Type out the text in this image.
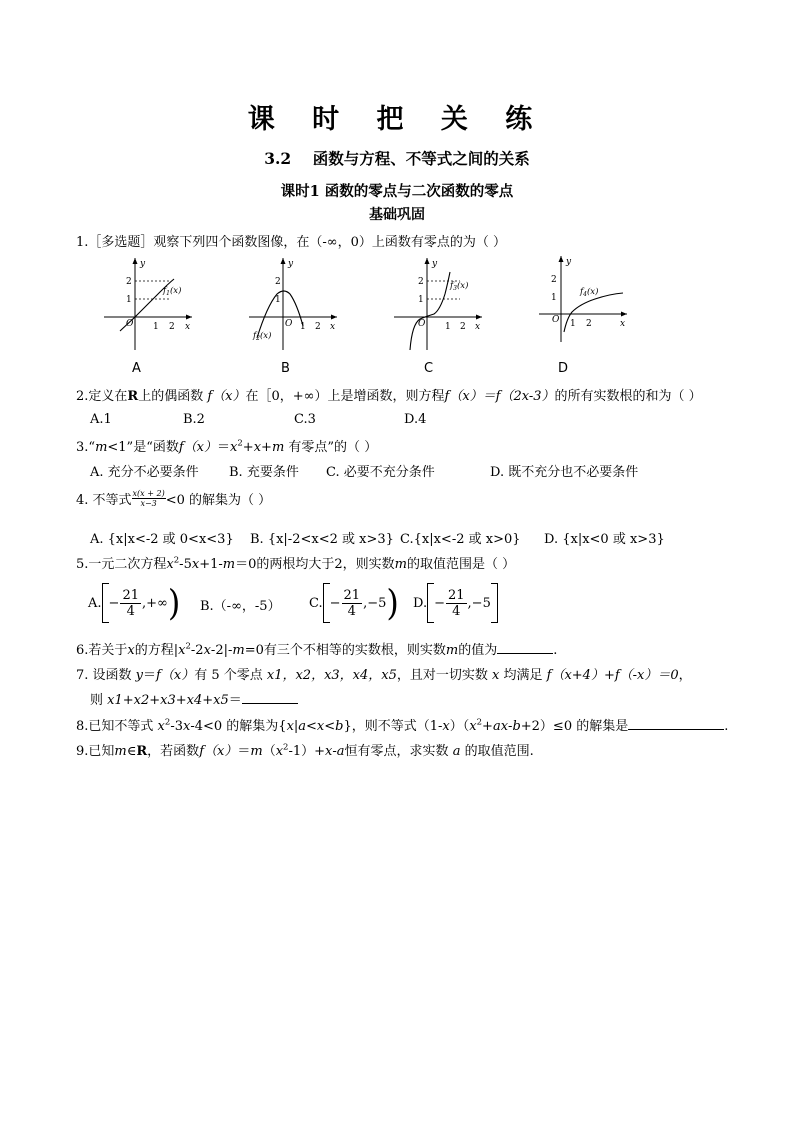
课 时 把 关 练
3.2 函数与方程、不等式之间的关系
课时1 函数的零点与二次函数的零点
基础巩固
1.［多选题］观察下列四个函数图像，在（-∞，0）上函数有零点的为（ ）
y
x
O
1
2
1 2
$f_1(x)$
A
y
x
O
1
2
1 2
$f_2(x)$
B
y
x
O
1
2
1 2
$f_3(x)$
C
y
x
O
1
2
1 2
$f_4(x)$
D
2.定义在R上的偶函数 f（x）在［0，+∞）上是增函数，则方程f（x）＝f（2x-3）的所有实数根的和为（ ）
A.1	B.2	C.3	D.4
3.“m<1”是“函数$f(x)=x^2+x+m$ 有零点”的（ ）
A. 充分不必要条件 B. 充要条件 C. 必要不充分条件	D. 既不充分也不必要条件
4. 不等式 $\frac{x(x + 2)}{x-3} <0$ 的解集为（ ）
A. {x|x<-2 或 0<x<3} B. {x|-2<x<2 或 x>3} C.{x|x<-2 或 x>0} D. {x|x<0 或 x>3}
5.一元二次方程$x^2-5x+1-m=0$的两根均大于2，则实数m的取值范围是（ ）
A. − $\frac{21}{4}$ ,+∞ ) B.（-∞，-5） C. − $\frac{21}{4} ,-5$ ) D. − $\frac{21}{4} ,-5$
6.若关于x的方程$|x^2-2x-2|-m=0$有三个不相等的实数根，则实数m的值为	.
7. 设函数 y＝f（x）有 5 个零点 x1，x2，x3，x4，x5，且对一切实数 x 均满足 f（x+4）+f（-x）＝0，
则 x1+x2+x3+x4+x5＝
8.已知不等式 $x^2-3x-4<0$ 的解集为{x|a<x<b}，则不等式$(1-x)(x^2+ax-b+2)\le 0$ 的解集是	.
9.已知m∈R，若函数$f(x)=m(x^2-1)+x-a$恒有零点，求实数 a 的取值范围.
